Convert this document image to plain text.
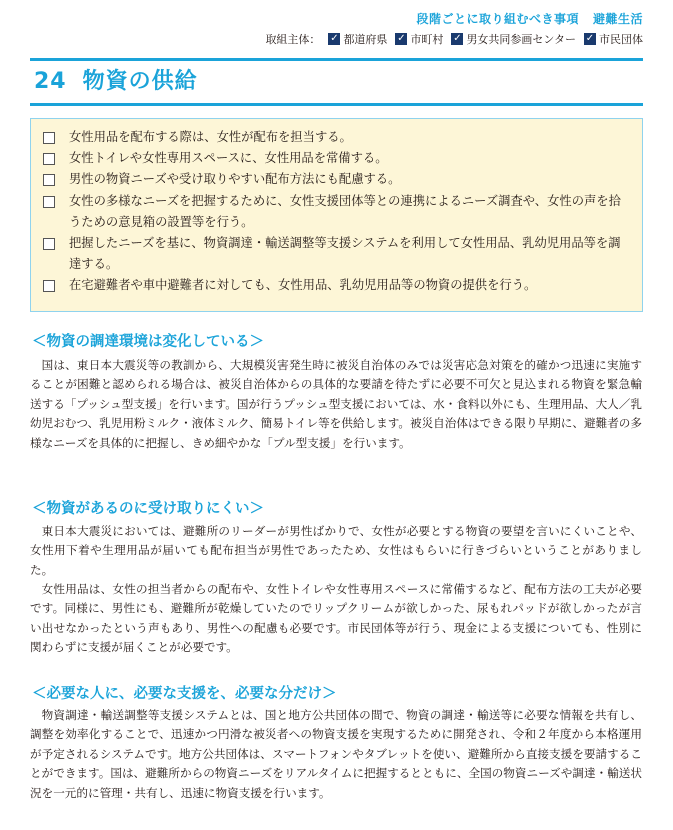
段階ごとに取り組むべき事項 避難生活
取組主体： ✓ 都道府県 ✓ 市町村 ✓ 男女共同参画センター ✓ 市民団体
24 物資の供給
女性用品を配布する際は、女性が配布を担当する。
女性トイレや女性専用スペースに、女性用品を常備する。
男性の物資ニーズや受け取りやすい配布方法にも配慮する。
女性の多様なニーズを把握するために、女性支援団体等との連携によるニーズ調査や、女性の声を拾うための意見箱の設置等を行う。
把握したニーズを基に、物資調達・輸送調整等支援システムを利用して女性用品、乳幼児用品等を調達する。
在宅避難者や車中避難者に対しても、女性用品、乳幼児用品等の物資の提供を行う。
＜物資の調達環境は変化している＞
国は、東日本大震災等の教訓から、大規模災害発生時に被災自治体のみでは災害応急対策を的確かつ迅速に実施することが困難と認められる場合は、被災自治体からの具体的な要請を待たずに必要不可欠と見込まれる物資を緊急輸送する「プッシュ型支援」を行います。国が行うプッシュ型支援においては、水・食料以外にも、生理用品、大人／乳幼児おむつ、乳児用粉ミルク・液体ミルク、簡易トイレ等を供給します。被災自治体はできる限り早期に、避難者の多様なニーズを具体的に把握し、きめ細やかな「プル型支援」を行います。
＜物資があるのに受け取りにくい＞
東日本大震災においては、避難所のリーダーが男性ばかりで、女性が必要とする物資の要望を言いにくいことや、女性用下着や生理用品が届いても配布担当が男性であったため、女性はもらいに行きづらいということがありました。
女性用品は、女性の担当者からの配布や、女性トイレや女性専用スペースに常備するなど、配布方法の工夫が必要です。同様に、男性にも、避難所が乾燥していたのでリップクリームが欲しかった、尿もれパッドが欲しかったが言い出せなかったという声もあり、男性への配慮も必要です。市民団体等が行う、現金による支援についても、性別に関わらずに支援が届くことが必要です。
＜必要な人に、必要な支援を、必要な分だけ＞
物資調達・輸送調整等支援システムとは、国と地方公共団体の間で、物資の調達・輸送等に必要な情報を共有し、調整を効率化することで、迅速かつ円滑な被災者への物資支援を実現するために開発され、令和２年度から本格運用が予定されるシステムです。地方公共団体は、スマートフォンやタブレットを使い、避難所から直接支援を要請することができます。国は、避難所からの物資ニーズをリアルタイムに把握するとともに、全国の物資ニーズや調達・輸送状況を一元的に管理・共有し、迅速に物資支援を行います。
